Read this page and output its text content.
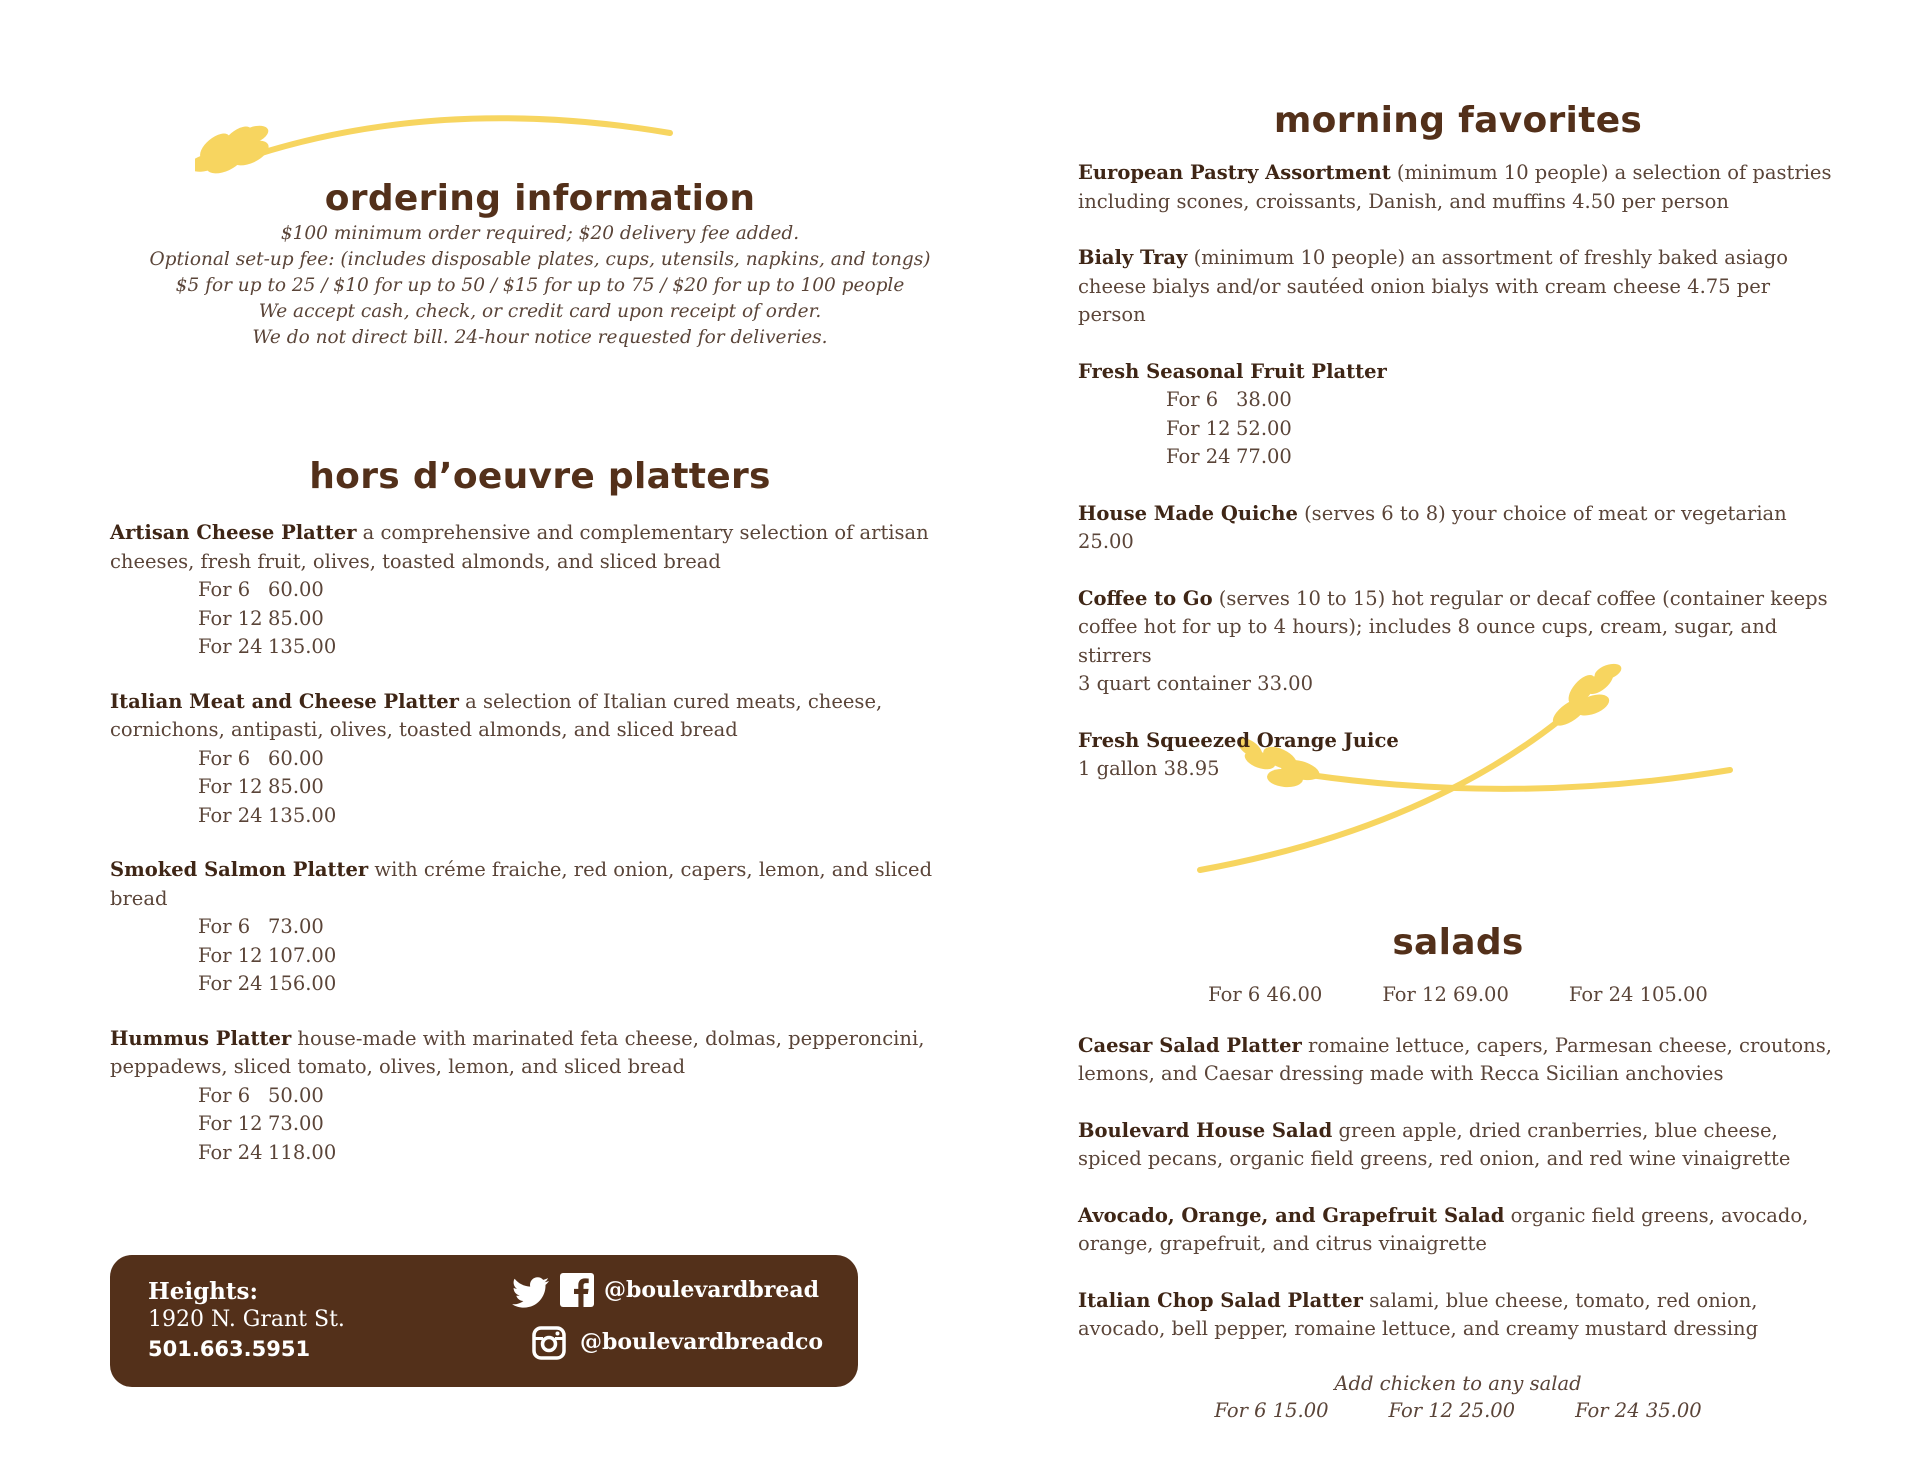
ordering information
$100 minimum order required; $20 delivery fee added.
Optional set-up fee: (includes disposable plates, cups, utensils, napkins, and tongs)
$5 for up to 25 / $10 for up to 50 / $15 for up to 75 / $20 for up to 100 people
We accept cash, check, or credit card upon receipt of order.
We do not direct bill. 24-hour notice requested for deliveries.
hors d’oeuvre platters
Artisan Cheese Platter a comprehensive and complementary selection of artisan cheeses, fresh fruit, olives, toasted almonds, and sliced bread
For 6 60.00
For 12 85.00
For 24 135.00
Italian Meat and Cheese Platter a selection of Italian cured meats, cheese, cornichons, antipasti, olives, toasted almonds, and sliced bread
For 6 60.00
For 12 85.00
For 24 135.00
Smoked Salmon Platter with créme fraiche, red onion, capers, lemon, and sliced bread
For 6 73.00
For 12 107.00
For 24 156.00
Hummus Platter house-made with marinated feta cheese, dolmas, pepperoncini, peppadews, sliced tomato, olives, lemon, and sliced bread
For 6 50.00
For 12 73.00
For 24 118.00
Heights:
1920 N. Grant St.
501.663.5951
@boulevardbread
@boulevardbreadco
morning favorites
European Pastry Assortment (minimum 10 people) a selection of pastries including scones, croissants, Danish, and muffins 4.50 per person
Bialy Tray (minimum 10 people) an assortment of freshly baked asiago cheese bialys and/or sautéed onion bialys with cream cheese 4.75 per person
Fresh Seasonal Fruit Platter
For 6 38.00
For 12 52.00
For 24 77.00
House Made Quiche (serves 6 to 8) your choice of meat or vegetarian 25.00
Coffee to Go (serves 10 to 15) hot regular or decaf coffee (container keeps coffee hot for up to 4 hours); includes 8 ounce cups, cream, sugar, and stirrers
3 quart container 33.00
Fresh Squeezed Orange Juice
1 gallon 38.95
salads
For 6 46.00	For 12 69.00	For 24 105.00
Caesar Salad Platter romaine lettuce, capers, Parmesan cheese, croutons, lemons, and Caesar dressing made with Recca Sicilian anchovies
Boulevard House Salad green apple, dried cranberries, blue cheese, spiced pecans, organic field greens, red onion, and red wine vinaigrette
Avocado, Orange, and Grapefruit Salad organic field greens, avocado, orange, grapefruit, and citrus vinaigrette
Italian Chop Salad Platter salami, blue cheese, tomato, red onion, avocado, bell pepper, romaine lettuce, and creamy mustard dressing
Add chicken to any salad
For 6 15.00	For 12 25.00	For 24 35.00
